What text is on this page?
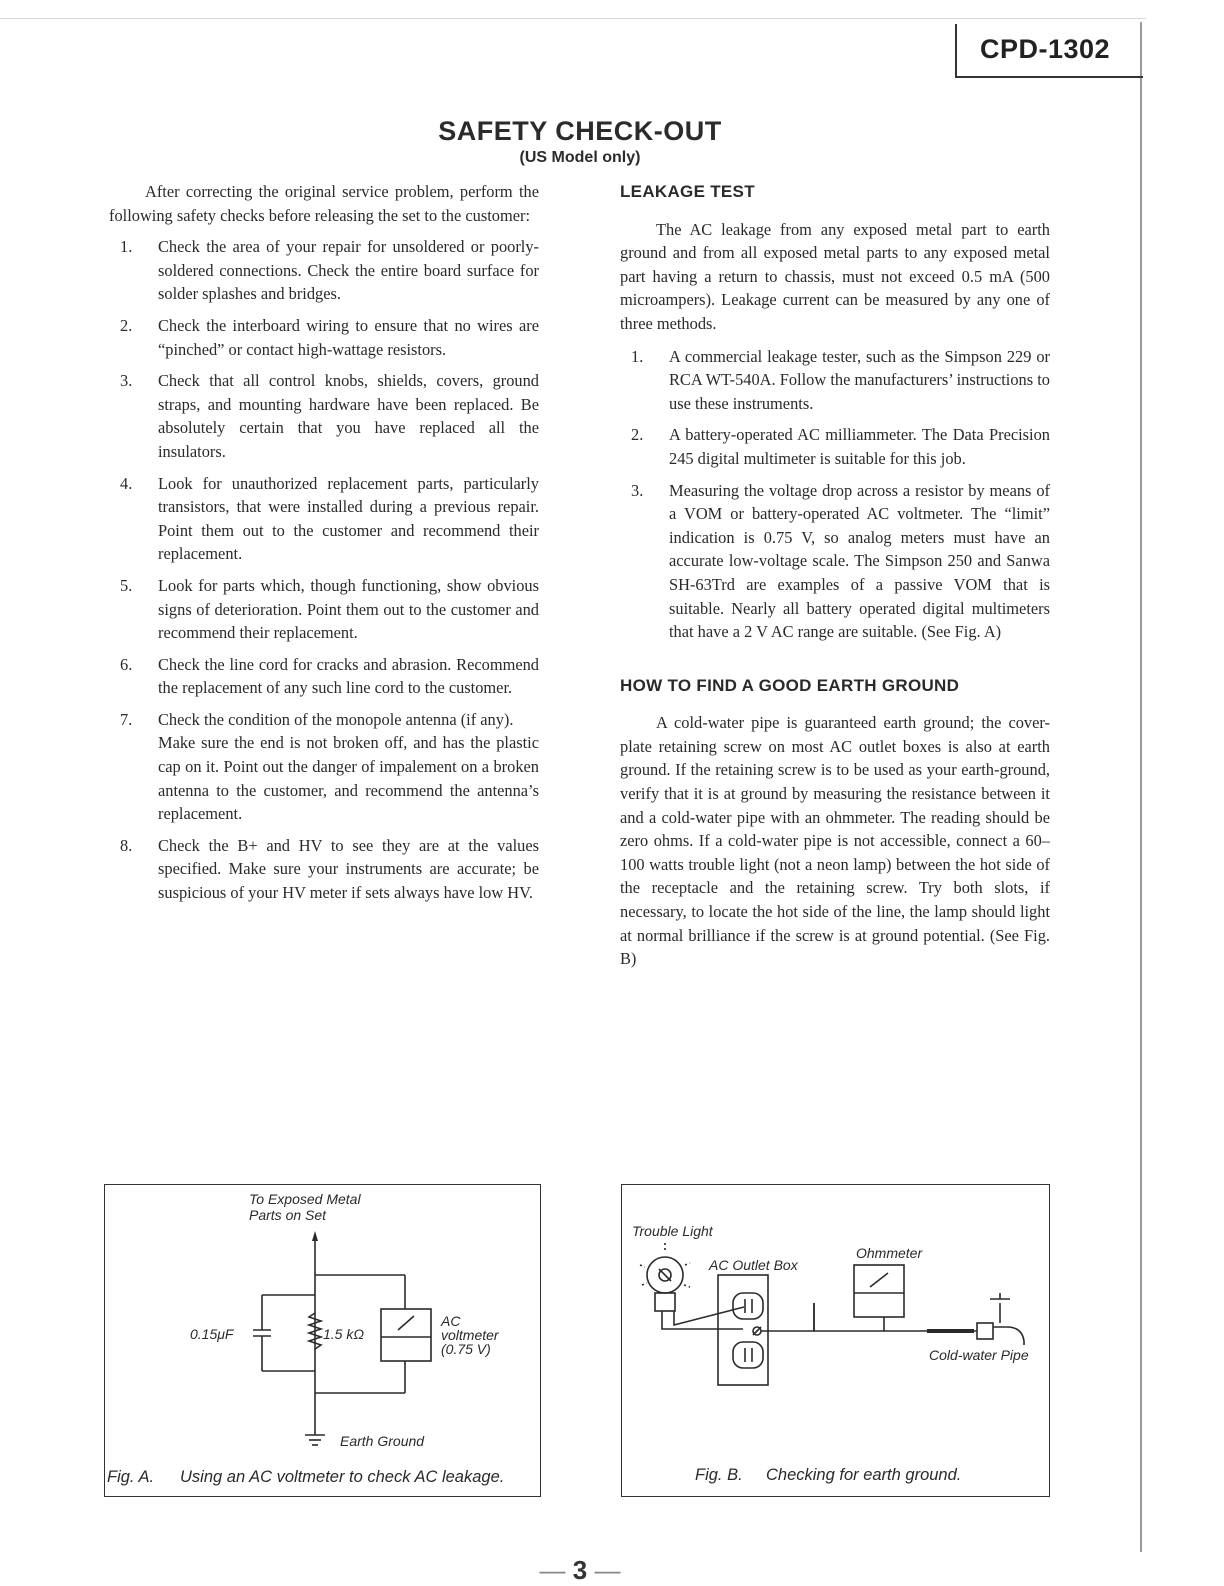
CPD-1302
SAFETY CHECK-OUT
(US Model only)

After correcting the original service problem, perform the following safety checks before releasing the set to the customer:

1. Check the area of your repair for unsoldered or poorly-soldered connections. Check the entire board surface for solder splashes and bridges.
2. Check the interboard wiring to ensure that no wires are “pinched” or contact high-wattage resistors.
3. Check that all control knobs, shields, covers, ground straps, and mounting hardware have been replaced. Be absolutely certain that you have replaced all the insulators.
4. Look for unauthorized replacement parts, particularly transistors, that were installed during a previous repair. Point them out to the customer and recommend their replacement.
5. Look for parts which, though functioning, show obvious signs of deterioration. Point them out to the customer and recommend their replacement.
6. Check the line cord for cracks and abrasion. Recommend the replacement of any such line cord to the customer.
7. Check the condition of the monopole antenna (if any).
Make sure the end is not broken off, and has the plastic cap on it. Point out the danger of impalement on a broken antenna to the customer, and recommend the antenna’s replacement.
8. Check the B+ and HV to see they are at the values specified. Make sure your instruments are accurate; be suspicious of your HV meter if sets always have low HV.
LEAKAGE TEST

The AC leakage from any exposed metal part to earth ground and from all exposed metal parts to any exposed metal part having a return to chassis, must not exceed 0.5 mA (500 microampers). Leakage current can be measured by any one of three methods.

1. A commercial leakage tester, such as the Simpson 229 or RCA WT-540A. Follow the manufacturers’ instructions to use these instruments.
2. A battery-operated AC milliammeter. The Data Precision 245 digital multimeter is suitable for this job.
3. Measuring the voltage drop across a resistor by means of a VOM or battery-operated AC voltmeter. The “limit” indication is 0.75 V, so analog meters must have an accurate low-voltage scale. The Simpson 250 and Sanwa SH-63Trd are examples of a passive VOM that is suitable. Nearly all battery operated digital multimeters that have a 2 V AC range are suitable. (See Fig. A)
HOW TO FIND A GOOD EARTH GROUND

A cold-water pipe is guaranteed earth ground; the cover-plate retaining screw on most AC outlet boxes is also at earth ground. If the retaining screw is to be used as your earth-ground, verify that it is at ground by measuring the resistance between it and a cold-water pipe with an ohmmeter. The reading should be zero ohms. If a cold-water pipe is not accessible, connect a 60–100 watts trouble light (not a neon lamp) between the hot side of the receptacle and the retaining screw. Try both slots, if necessary, to locate the hot side of the line, the lamp should light at normal brilliance if the screw is at ground potential. (See Fig. B)

To Exposed Metal
Parts on Set
0.15μF	1.5 kΩ
AC
voltmeter
(0.75 V)
Earth Ground
Fig. A. Using an AC voltmeter to check AC leakage.
Trouble Light
AC Outlet Box
Ohmmeter
Cold-water Pipe
Fig. B. Checking for earth ground.
— 3 —
